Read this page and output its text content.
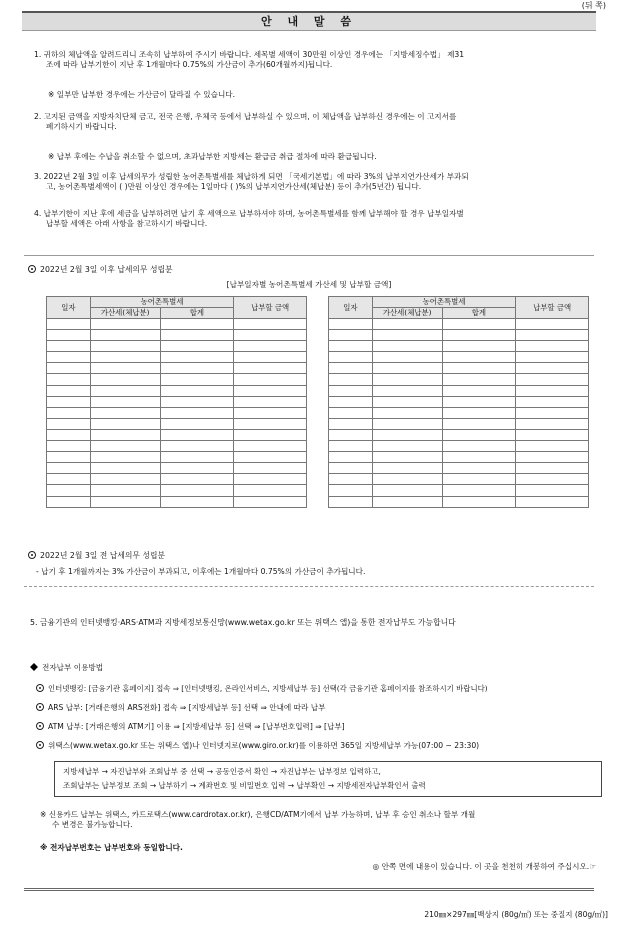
(뒤 쪽)
안 내 말 씀
1. 귀하의 체납액을 알려드리니 조속히 납부하여 주시기 바랍니다. 세목별 세액이 30만원 이상인 경우에는 「지방세징수법」 제31
조에 따라 납부기한이 지난 후 1개월마다 0.75%의 가산금이 추가(60개월까지)됩니다.
※ 일부만 납부한 경우에는 가산금이 달라질 수 있습니다.
2. 고지된 금액을 지방자치단체 금고, 전국 은행, 우체국 등에서 납부하실 수 있으며, 이 체납액을 납부하신 경우에는 이 고지서를
폐기하시기 바랍니다.
※ 납부 후에는 수납을 취소할 수 없으며, 초과납부한 지방세는 환급금 취급 절차에 따라 환급됩니다.
3. 2022년 2월 3일 이후 납세의무가 성립한 농어촌특별세를 체납하게 되면 「국세기본법」에 따라 3%의 납부지연가산세가 부과되
고, 농어촌특별세액이 ( )만원 이상인 경우에는 1일마다 ( )%의 납부지연가산세(체납분) 등이 추가(5년간) 됩니다.
4. 납부기한이 지난 후에 세금을 납부하려면 납기 후 세액으로 납부하셔야 하며, 농어촌특별세를 함께 납부해야 할 경우 납부일자별
납부할 세액은 아래 사항을 참고하시기 바랍니다.
2022년 2월 3일 이후 납세의무 성립분
[납부일자별 농어촌특별세 가산세 및 납부할 금액]
일자	농어촌특별세		납부할 금액
	가산세(체납분)	합계	

일자	농어촌특별세		납부할 금액
	가산세(체납분)	합계	

2022년 2월 3일 전 납세의무 성립분
- 납기 후 1개월까지는 3% 가산금이 부과되고, 이후에는 1개월마다 0.75%의 가산금이 추가됩니다.
5. 금융기관의 인터넷뱅킹·ARS·ATM과 지방세정보통신망(www.wetax.go.kr 또는 위택스 앱)을 통한 전자납부도 가능합니다
전자납부 이용방법
인터넷뱅킹: [금융기관 홈페이지] 접속 ⇒ [인터넷뱅킹, 온라인서비스, 지방세납부 등] 선택(각 금융기관 홈페이지를 참조하시기 바랍니다)
ARS 납부: [거래은행의 ARS전화] 접속 ⇒ [지방세납부 등] 선택 ⇒ 안내에 따라 납부
ATM 납부: [거래은행의 ATM기] 이용 ⇒ [지방세납부 등] 선택 ⇒ [납부번호입력] ⇒ [납부]
위택스(www.wetax.go.kr 또는 위택스 앱)나 인터넷지로(www.giro.or.kr)를 이용하면 365일 지방세납부 가능(07:00 ~ 23:30)
지방세납부 → 자진납부와 조회납부 중 선택 → 공동인증서 확인 → 자진납부는 납부정보 입력하고,
조회납부는 납부정보 조회 → 납부하기 → 계좌번호 및 비밀번호 입력 → 납부확인 → 지방세전자납부확인서 출력
※ 신용카드 납부는 위택스, 카드로택스(www.cardrotax.or.kr), 은행CD/ATM기에서 납부 가능하며, 납부 후 승인 취소나 할부 개월
수 변경은 불가능합니다.
※ 전자납부번호는 납부번호와 동일합니다.
◎ 안쪽 면에 내용이 있습니다. 이 곳을 천천히 개봉하여 주십시오.☞
210㎜×297㎜[백상지 (80g/㎡) 또는 중질지 (80g/㎡)]
